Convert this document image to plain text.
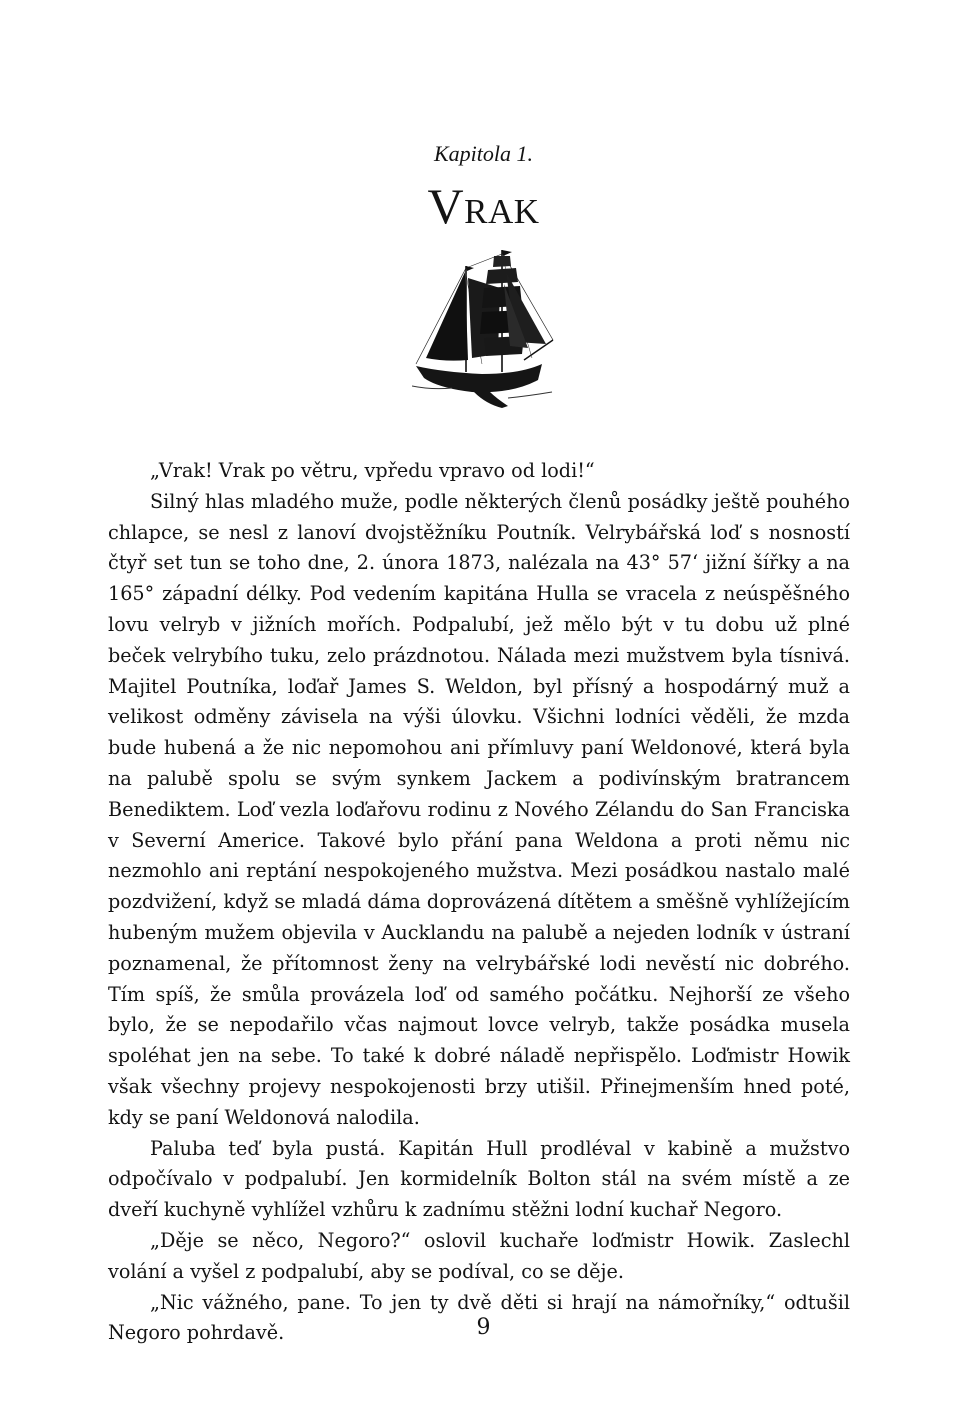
Kapitola 1.
Vrak

„Vrak! Vrak po větru, vpředu vpravo od lodi!“

Silný hlas mladého muže, podle některých členů posádky ještě pouhého chlapce, se nesl z lanoví dvojstěžníku Poutník. Velrybářská loď s nosností čtyř set tun se toho dne, 2. února 1873, nalézala na 43° 57‘ jižní šířky a na 165° západní délky. Pod vedením kapitána Hulla se vracela z neúspěšného lovu velryb v jižních mořích. Podpalubí, jež mělo být v tu dobu už plné beček velrybího tuku, zelo prázdnotou. Nálada mezi mužstvem byla tísnivá. Majitel Poutníka, loďař James S. Weldon, byl přísný a hospodárný muž a velikost odměny závisela na výši úlovku. Všichni lodníci věděli, že mzda bude hubená a že nic nepomohou ani přímluvy paní Weldonové, která byla na palubě spolu se svým synkem Jackem a podivínským bratrancem Benediktem. Loď vezla loďařovu rodinu z Nového Zélandu do San Franciska v Severní Americe. Takové bylo přání pana Weldona a proti němu nic nezmohlo ani reptání nespokojeného mužstva. Mezi posádkou nastalo malé pozdvižení, když se mladá dáma doprovázená dítětem a směšně vyhlížejícím hubeným mužem objevila v Aucklandu na palubě a nejeden lodník v ústraní poznamenal, že přítomnost ženy na velrybářské lodi nevěstí nic dobrého. Tím spíš, že smůla provázela loď od samého počátku. Nejhorší ze všeho bylo, že se nepodařilo včas najmout lovce velryb, takže posádka musela spoléhat jen na sebe. To také k dobré náladě nepřispělo. Loďmistr Howik však všechny projevy nespokojenosti brzy utišil. Přinejmenším hned poté, kdy se paní Weldonová nalodila.

Paluba teď byla pustá. Kapitán Hull prodléval v kabině a mužstvo odpočívalo v podpalubí. Jen kormidelník Bolton stál na svém místě a ze dveří kuchyně vyhlížel vzhůru k zadnímu stěžni lodní kuchař Negoro.

„Děje se něco, Negoro?“ oslovil kuchaře loďmistr Howik. Zaslechl volání a vyšel z podpalubí, aby se podíval, co se děje.

„Nic vážného, pane. To jen ty dvě děti si hrají na námořníky,“ odtušil Negoro pohrdavě.	9
